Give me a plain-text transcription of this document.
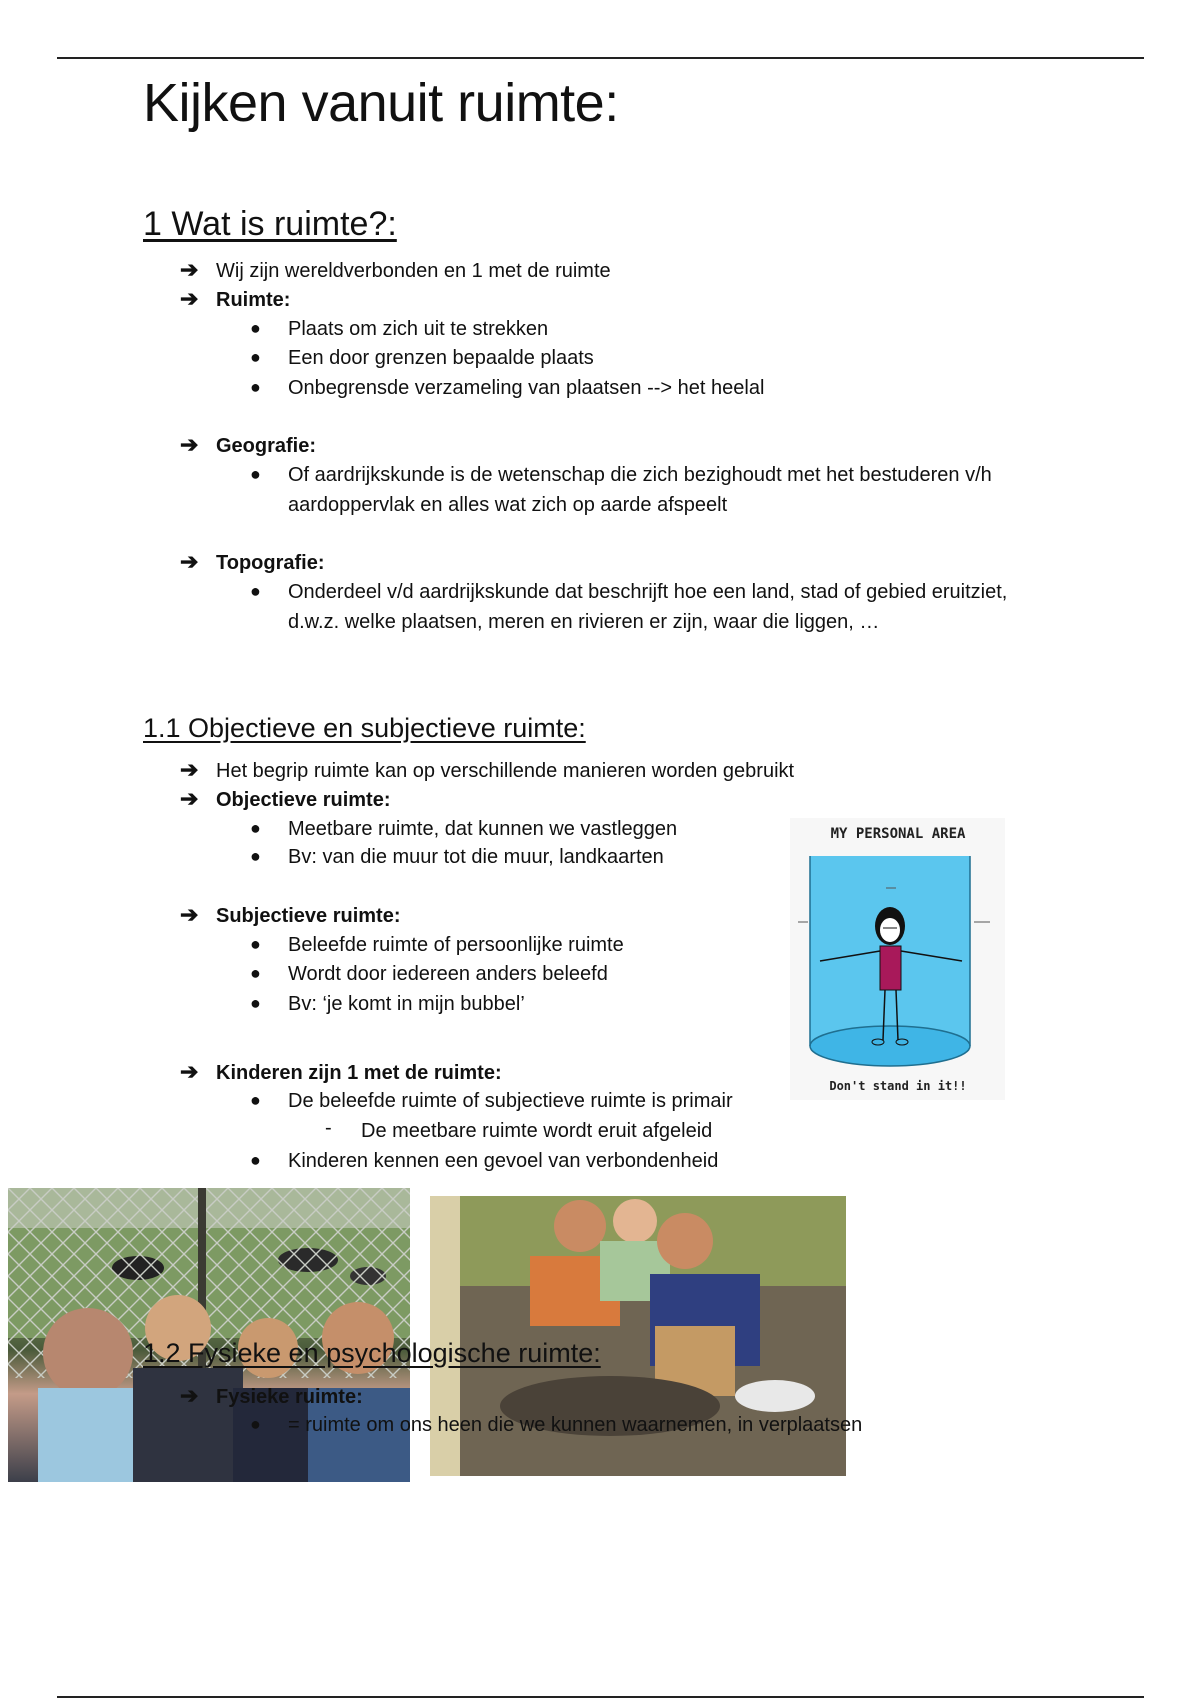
Kijken vanuit ruimte:
1 Wat is ruimte?:
➔ Wij zijn wereldverbonden en 1 met de ruimte
➔ Ruimte:
● Plaats om zich uit te strekken
● Een door grenzen bepaalde plaats
● Onbegrensde verzameling van plaatsen --> het heelal
➔ Geografie:
● Of aardrijkskunde is de wetenschap die zich bezighoudt met het bestuderen v/h
aardoppervlak en alles wat zich op aarde afspeelt
➔ Topografie:
● Onderdeel v/d aardrijkskunde dat beschrijft hoe een land, stad of gebied eruitziet,
d.w.z. welke plaatsen, meren en rivieren er zijn, waar die liggen, …
1.1 Objectieve en subjectieve ruimte:
➔ Het begrip ruimte kan op verschillende manieren worden gebruikt
➔ Objectieve ruimte:
● Meetbare ruimte, dat kunnen we vastleggen
● Bv: van die muur tot die muur, landkaarten
➔ Subjectieve ruimte:
● Beleefde ruimte of persoonlijke ruimte
● Wordt door iedereen anders beleefd
● Bv: ‘je komt in mijn bubbel’
➔ Kinderen zijn 1 met de ruimte:
● De beleefde ruimte of subjectieve ruimte is primair
- De meetbare ruimte wordt eruit afgeleid
● Kinderen kennen een gevoel van verbondenheid
MY PERSONAL AREA
Don't stand in it!!
1.2 Fysieke en psychologische ruimte:
➔ Fysieke ruimte:
● = ruimte om ons heen die we kunnen waarnemen, in verplaatsen
